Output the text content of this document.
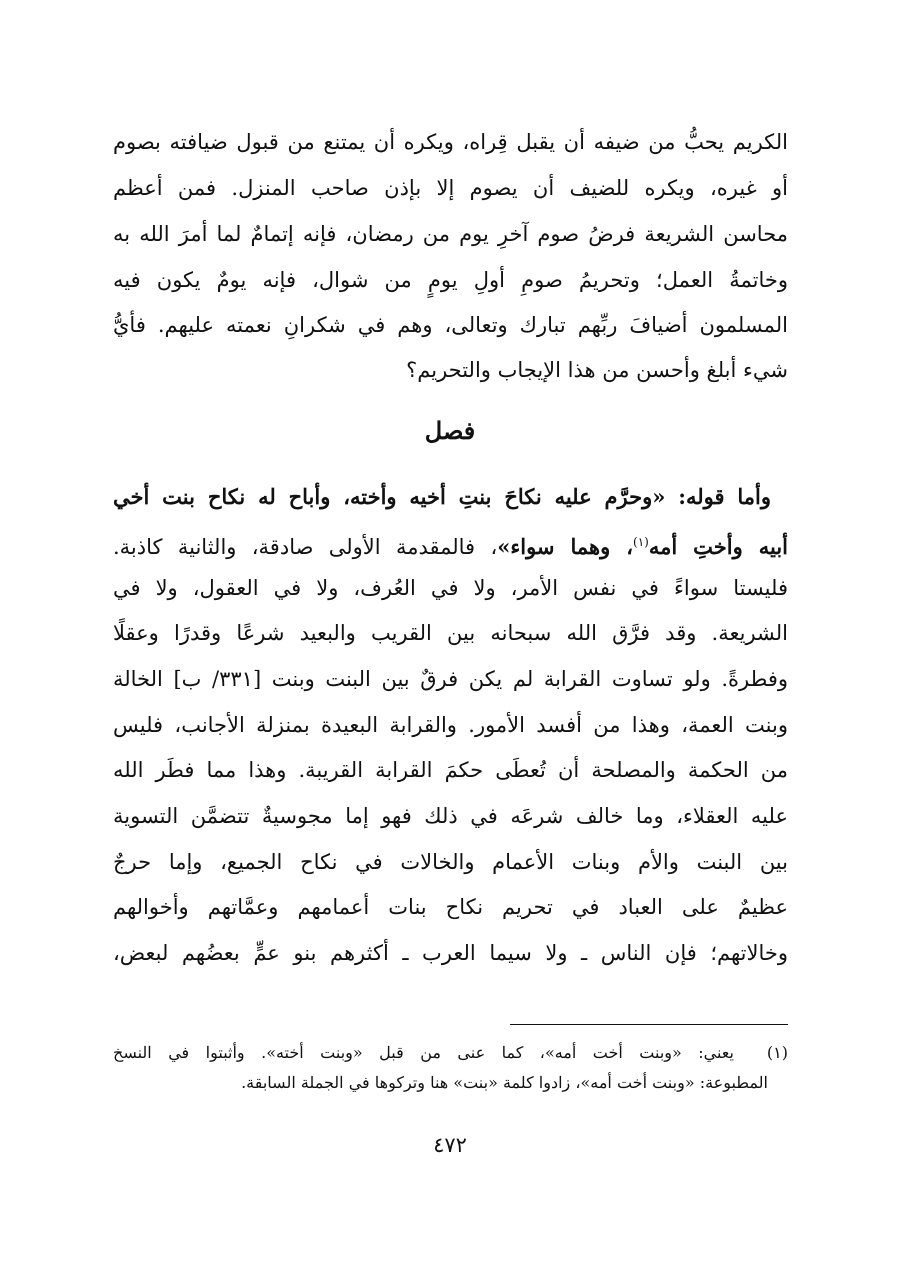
الكريم يحبُّ من ضيفه أن يقبل قِراه، ويكره أن يمتنع من قبول ضيافته بصوم
أو غيره، ويكره للضيف أن يصوم إلا بإذن صاحب المنزل. فمن أعظم
محاسن الشريعة فرضُ صوم آخرِ يوم من رمضان، فإنه إتمامٌ لما أمرَ الله به
وخاتمةُ العمل؛ وتحريمُ صومِ أولِ يومٍ من شوال، فإنه يومٌ يكون فيه
المسلمون أضيافَ ربِّهم تبارك وتعالى، وهم في شكرانِ نعمته عليهم. فأيُّ
شيء أبلغ وأحسن من هذا الإيجاب والتحريم؟
فصل
وأما قوله: «وحرَّم عليه نكاحَ بنتِ أخيه وأخته، وأباح له نكاح بنت أخي
أبيه وأختِ أمه$^{(١)}$، وهما سواء»، فالمقدمة الأولى صادقة، والثانية كاذبة.
فليستا سواءً في نفس الأمر، ولا في العُرف، ولا في العقول، ولا في
الشريعة. وقد فرَّق الله سبحانه بين القريب والبعيد شرعًا وقدرًا وعقلًا
وفطرةً. ولو تساوت القرابة لم يكن فرقٌ بين البنت وبنت [٣٣١/ ب] الخالة
وبنت العمة، وهذا من أفسد الأمور. والقرابة البعيدة بمنزلة الأجانب، فليس
من الحكمة والمصلحة أن تُعطَى حكمَ القرابة القريبة. وهذا مما فطَر الله
عليه العقلاء، وما خالف شرعَه في ذلك فهو إما مجوسيةٌ تتضمَّن التسوية
بين البنت والأم وبنات الأعمام والخالات في نكاح الجميع، وإما حرجٌ
عظيمٌ على العباد في تحريم نكاح بنات أعمامهم وعمَّاتهم وأخوالهم
وخالاتهم؛ فإن الناس ـ ولا سيما العرب ـ أكثرهم بنو عمٍّ بعضُهم لبعض،
(١)  يعني: «وبنت أخت أمه»، كما عنى من قبل «وبنت أخته». وأثبتوا في النسخ
المطبوعة: «وبنت أخت أمه»، زادوا كلمة «بنت» هنا وتركوها في الجملة السابقة.
٤٧٢
